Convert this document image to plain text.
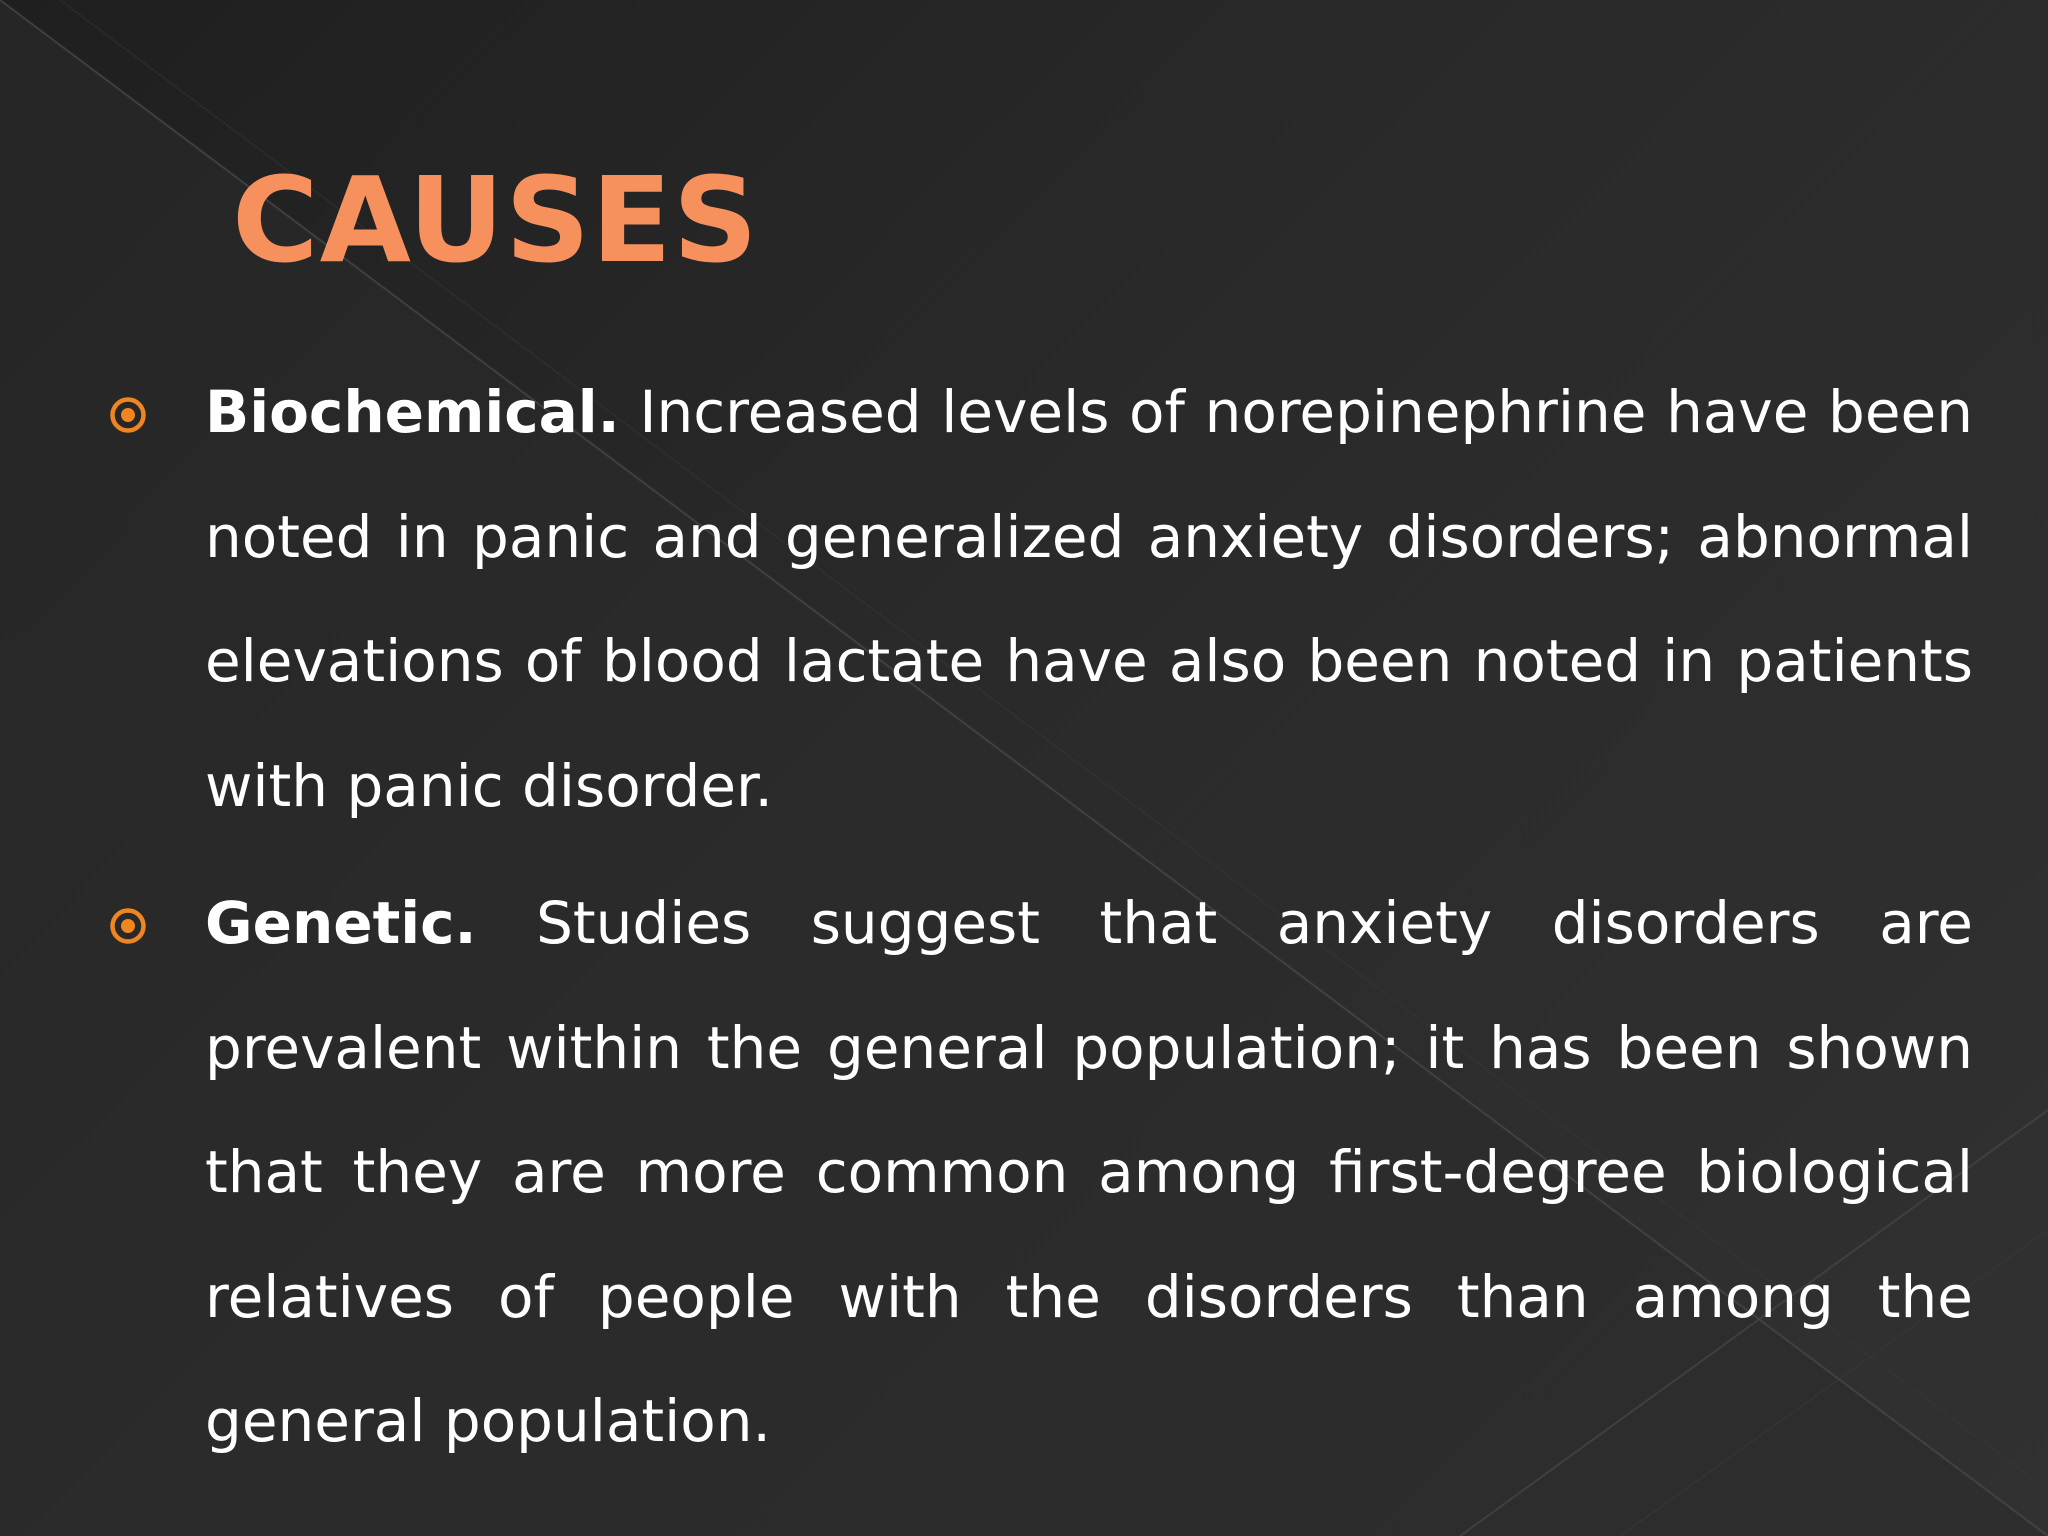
CAUSES

Biochemical. Increased levels of norepinephrine have been noted in panic and generalized anxiety disorders; abnormal elevations of blood lactate have also been noted in patients with panic disorder.

Genetic. Studies suggest that anxiety disorders are prevalent within the general population; it has been shown that they are more common among first-degree biological relatives of people with the disorders than among the general population.
